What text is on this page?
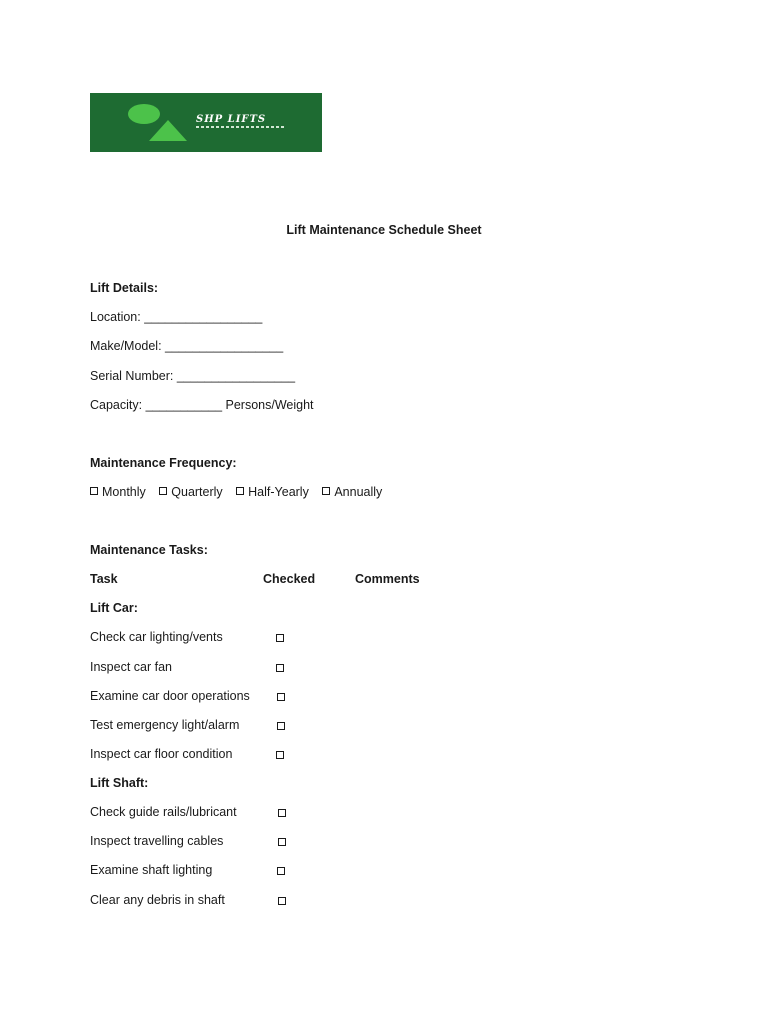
SHP LIFTS
Lift Maintenance Schedule Sheet
Lift Details:
Location: _________________
Make/Model: _________________
Serial Number: _________________
Capacity: ___________ Persons/Weight
Maintenance Frequency:
Monthly Quarterly Half-Yearly Annually
Maintenance Tasks:
Task	Checked	Comments
Lift Car:
Check car lighting/vents
Inspect car fan
Examine car door operations
Test emergency light/alarm
Inspect car floor condition
Lift Shaft:
Check guide rails/lubricant
Inspect travelling cables
Examine shaft lighting
Clear any debris in shaft
